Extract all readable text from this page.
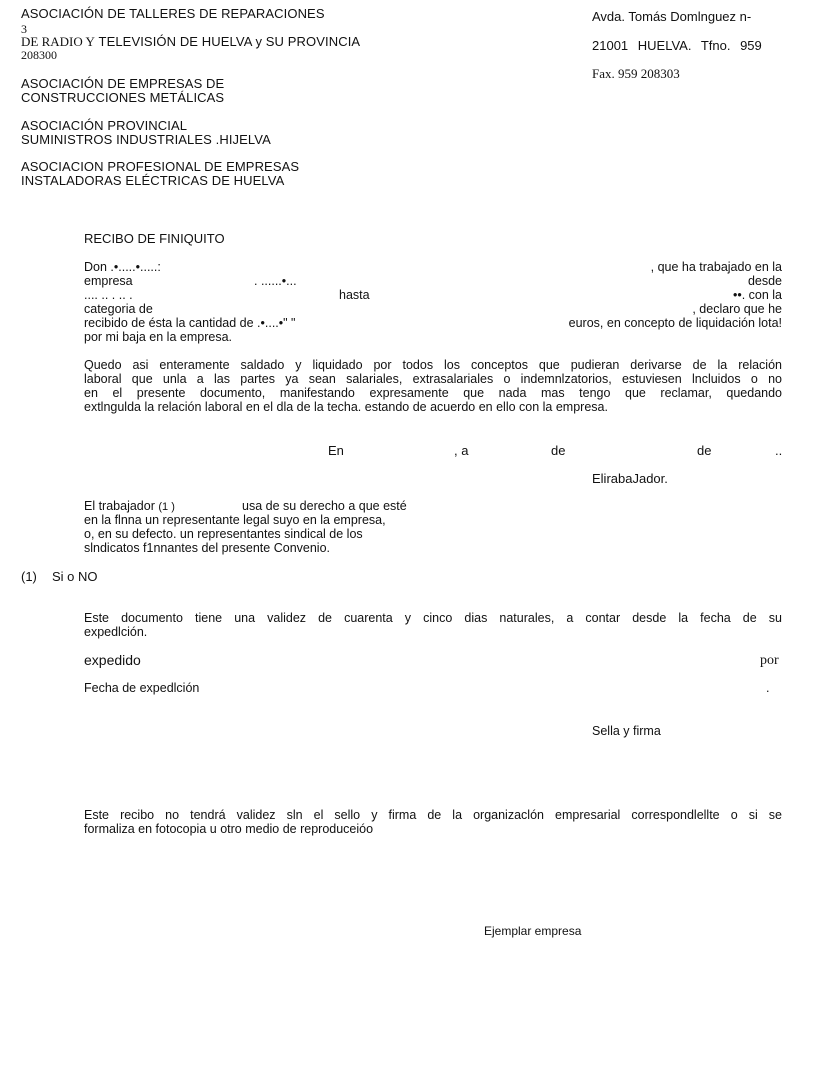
ASOCIACIÓN DE TALLERES DE REPARACIONES
3
DE RADIO Y TELEVISIÓN DE HUELVA y SU PROVINCIA
208300
ASOCIACIÓN DE EMPRESAS DE
CONSTRUCCIONES METÁLICAS
ASOCIACIÓN PROVINCIAL
SUMINISTROS INDUSTRIALES .HIJELVA
ASOCIACION PROFESIONAL DE EMPRESAS
INSTALADORAS ELÉCTRICAS DE HUELVA
Avda. Tomás Domlnguez n-
21001 HUELVA. Tfno. 959
Fax. 959 208303
RECIBO DE FINIQUITO
Don .•.....•.....:	, que ha trabajado en la
empresa	. ......•...	desde
.... .. . .. .	hasta	••. con la
categoria de	, declaro que he
recibido de ésta la cantidad de .•....•" "	euros, en concepto de liquidación lota!
por mi baja en la empresa.
Quedo asi enteramente saldado y liquidado por todos los conceptos que pudieran derivarse de la relación
laboral que unla a las partes ya sean salariales, extrasalariales o indemnlzatorios, estuviesen lncluidos o no
en el presente documento, manifestando expresamente que nada mas tengo que reclamar, quedando
extlngulda la relación laboral en el dla de la techa. estando de acuerdo en ello con la empresa.
En	, a	de	de	..
ElirabaJador.
El trabajador (1 )	usa de su derecho a que esté
en la flnna un representante legal suyo en la empresa,
o, en su defecto. un representantes sindical de los
slndicatos f1nnantes del presente Convenio.
(1) Si o NO
Este documento tiene una validez de cuarenta y cinco dias naturales, a contar desde la fecha de su
expedlción.
expedido	por
Fecha de expedlción	.
Sella y firma
Este recibo no tendrá validez sln el sello y firma de la organizaclón empresarial correspondlellte o si se
formaliza en fotocopia u otro medio de reproduceióo
Ejemplar empresa
